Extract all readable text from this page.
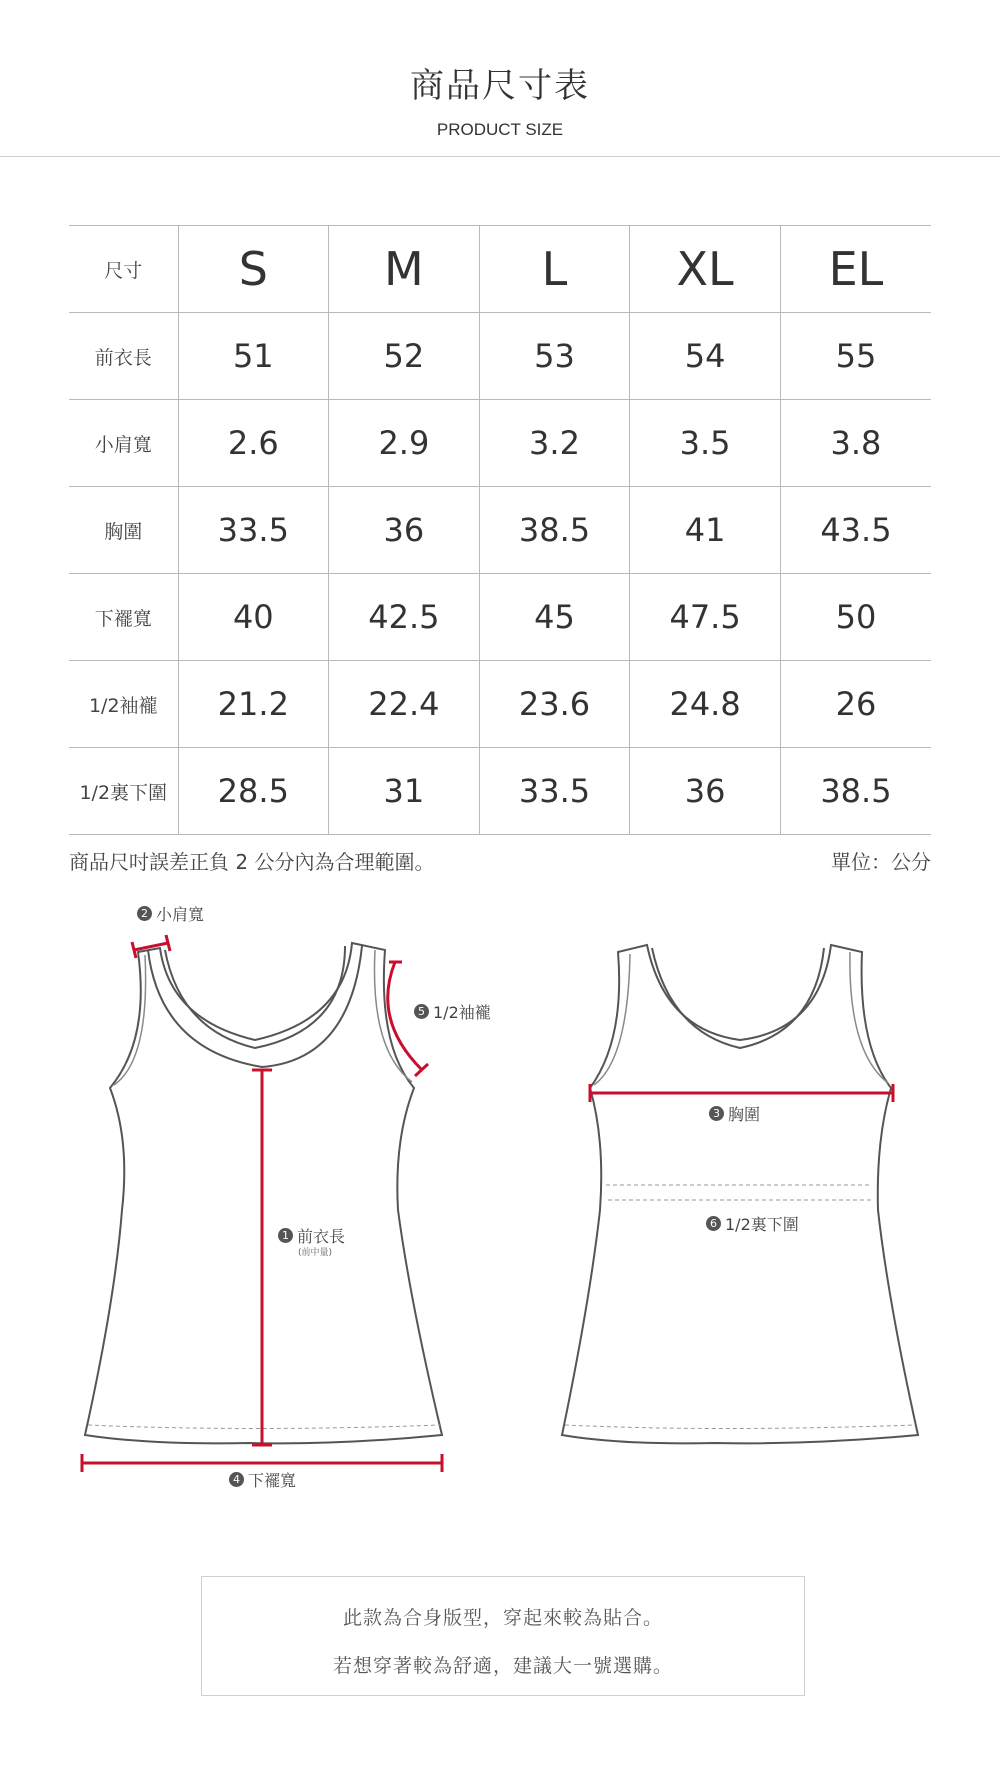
商品尺寸表
PRODUCT SIZE
尺寸	S	M	L	XL	EL
前衣長	51	52	53	54	55
小肩寬	2.6	2.9	3.2	3.5	3.8
胸圍	33.5	36	38.5	41	43.5
下襬寬	40	42.5	45	47.5	50
1/2袖襱	21.2	22.4	23.6	24.8	26
1/2裏下圍	28.5	31	33.5	36	38.5
商品尺吋誤差正負 2 公分內為合理範圍。	單位：公分
2 小肩寬
5 1/2袖襱
1 前衣長
(前中量)
4 下襬寬
3 胸圍
6 1/2裏下圍

此款為合身版型，穿起來較為貼合。

若想穿著較為舒適，建議大一號選購。
